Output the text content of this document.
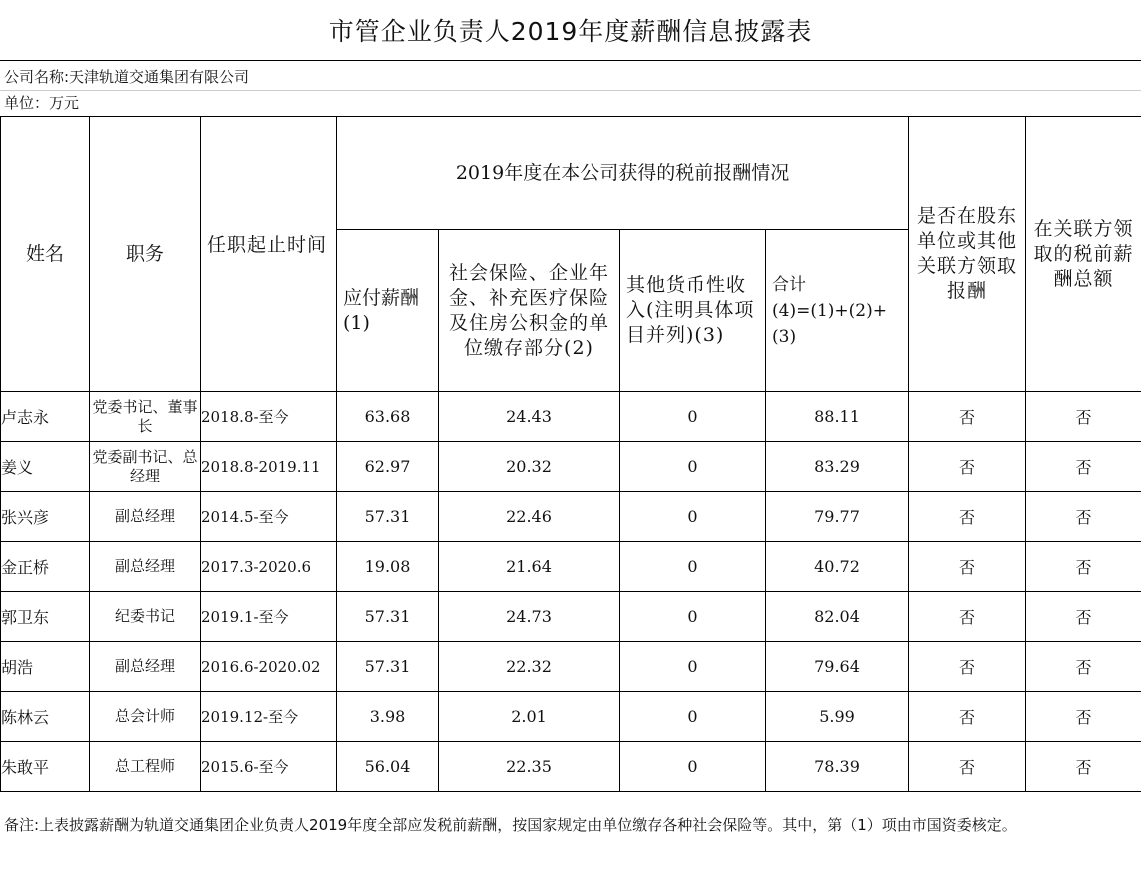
市管企业负责人2019年度薪酬信息披露表
公司名称:天津轨道交通集团有限公司
单位：万元
姓名	职务	任职起止时间	2019年度在本公司获得的税前报酬情况				是否在股东单位或其他关联方领取报酬	在关联方领取的税前薪酬总额
			应付薪酬(1)	社会保险、企业年金、补充医疗保险及住房公积金的单位缴存部分(2)	其他货币性收入(注明具体项目并列)(3)	合计
(4)=(1)+(2)+(3)		
卢志永	党委书记、董事长	2018.8-至今	63.68	24.43	0	88.11	否	否
姜义	党委副书记、总经理	2018.8-2019.11	62.97	20.32	0	83.29	否	否
张兴彦	副总经理	2014.5-至今	57.31	22.46	0	79.77	否	否
金正桥	副总经理	2017.3-2020.6	19.08	21.64	0	40.72	否	否
郭卫东	纪委书记	2019.1-至今	57.31	24.73	0	82.04	否	否
胡浩	副总经理	2016.6-2020.02	57.31	22.32	0	79.64	否	否
陈林云	总会计师	2019.12-至今	3.98	2.01	0	5.99	否	否
朱敢平	总工程师	2015.6-至今	56.04	22.35	0	78.39	否	否
备注:上表披露薪酬为轨道交通集团企业负责人2019年度全部应发税前薪酬，按国家规定由单位缴存各种社会保险等。其中，第（1）项由市国资委核定。
